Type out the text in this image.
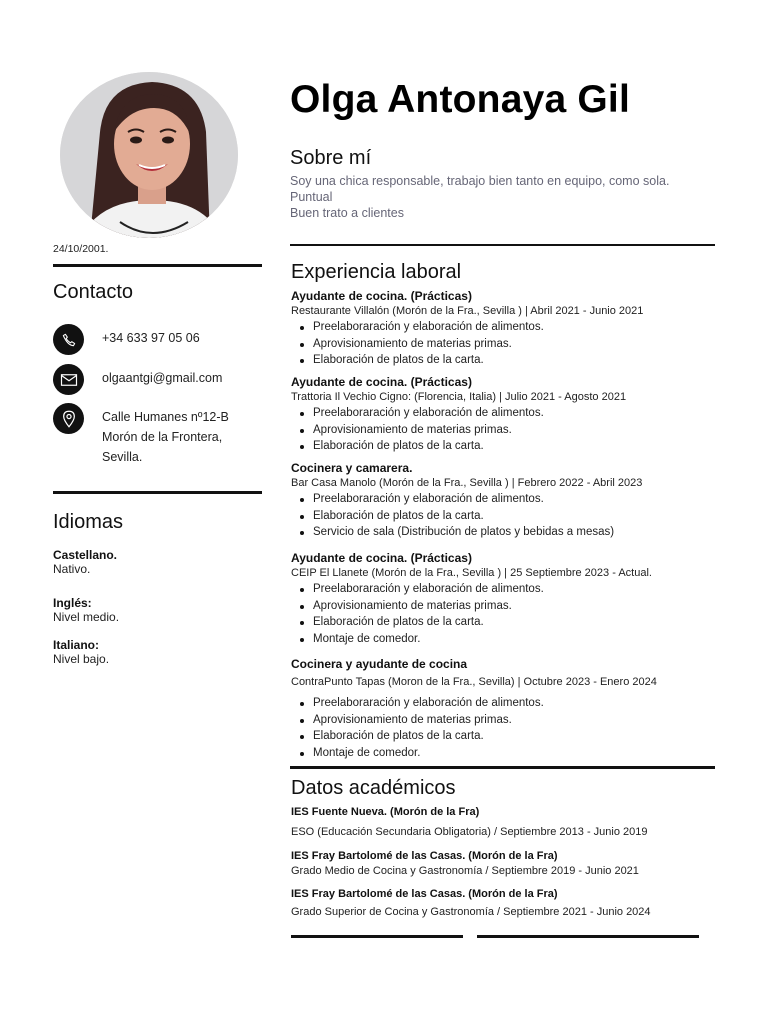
24/10/2001.
Contacto
+34 633 97 05 06
olgaantgi@gmail.com
Calle Humanes nº12-B
Morón de la Frontera,
Sevilla.
Idiomas
Castellano.
Nativo.
Inglés:
Nivel medio.
Italiano:
Nivel bajo.
Olga Antonaya Gil
Sobre mí
Soy una chica responsable, trabajo bien tanto en equipo, como sola.
Puntual
Buen trato a clientes
Experiencia laboral
Ayudante de cocina. (Prácticas)
Restaurante Villalón (Morón de la Fra., Sevilla ) | Abril 2021 - Junio 2021
Preelaboraración y elaboración de alimentos.
Aprovisionamiento de materias primas.
Elaboración de platos de la carta.
Ayudante de cocina. (Prácticas)
Trattoria Il Vechio Cigno: (Florencia, Italia) | Julio 2021 - Agosto 2021
Preelaboraración y elaboración de alimentos.
Aprovisionamiento de materias primas.
Elaboración de platos de la carta.
Cocinera y camarera.
Bar Casa Manolo (Morón de la Fra., Sevilla ) | Febrero 2022 - Abril 2023
Preelaboraración y elaboración de alimentos.
Elaboración de platos de la carta.
Servicio de sala (Distribución de platos y bebidas a mesas)
Ayudante de cocina. (Prácticas)
CEIP El Llanete (Morón de la Fra., Sevilla ) | 25 Septiembre 2023 - Actual.
Preelaboraración y elaboración de alimentos.
Aprovisionamiento de materias primas.
Elaboración de platos de la carta.
Montaje de comedor.
Cocinera y ayudante de cocina
ContraPunto Tapas (Moron de la Fra., Sevilla) | Octubre 2023 - Enero 2024
Preelaboraración y elaboración de alimentos.
Aprovisionamiento de materias primas.
Elaboración de platos de la carta.
Montaje de comedor.
Datos académicos
IES Fuente Nueva. (Morón de la Fra)
ESO (Educación Secundaria Obligatoria) / Septiembre 2013 - Junio 2019
IES Fray Bartolomé de las Casas. (Morón de la Fra)
Grado Medio de Cocina y Gastronomía / Septiembre 2019 - Junio 2021
IES Fray Bartolomé de las Casas. (Morón de la Fra)
Grado Superior de Cocina y Gastronomía / Septiembre 2021 - Junio 2024
